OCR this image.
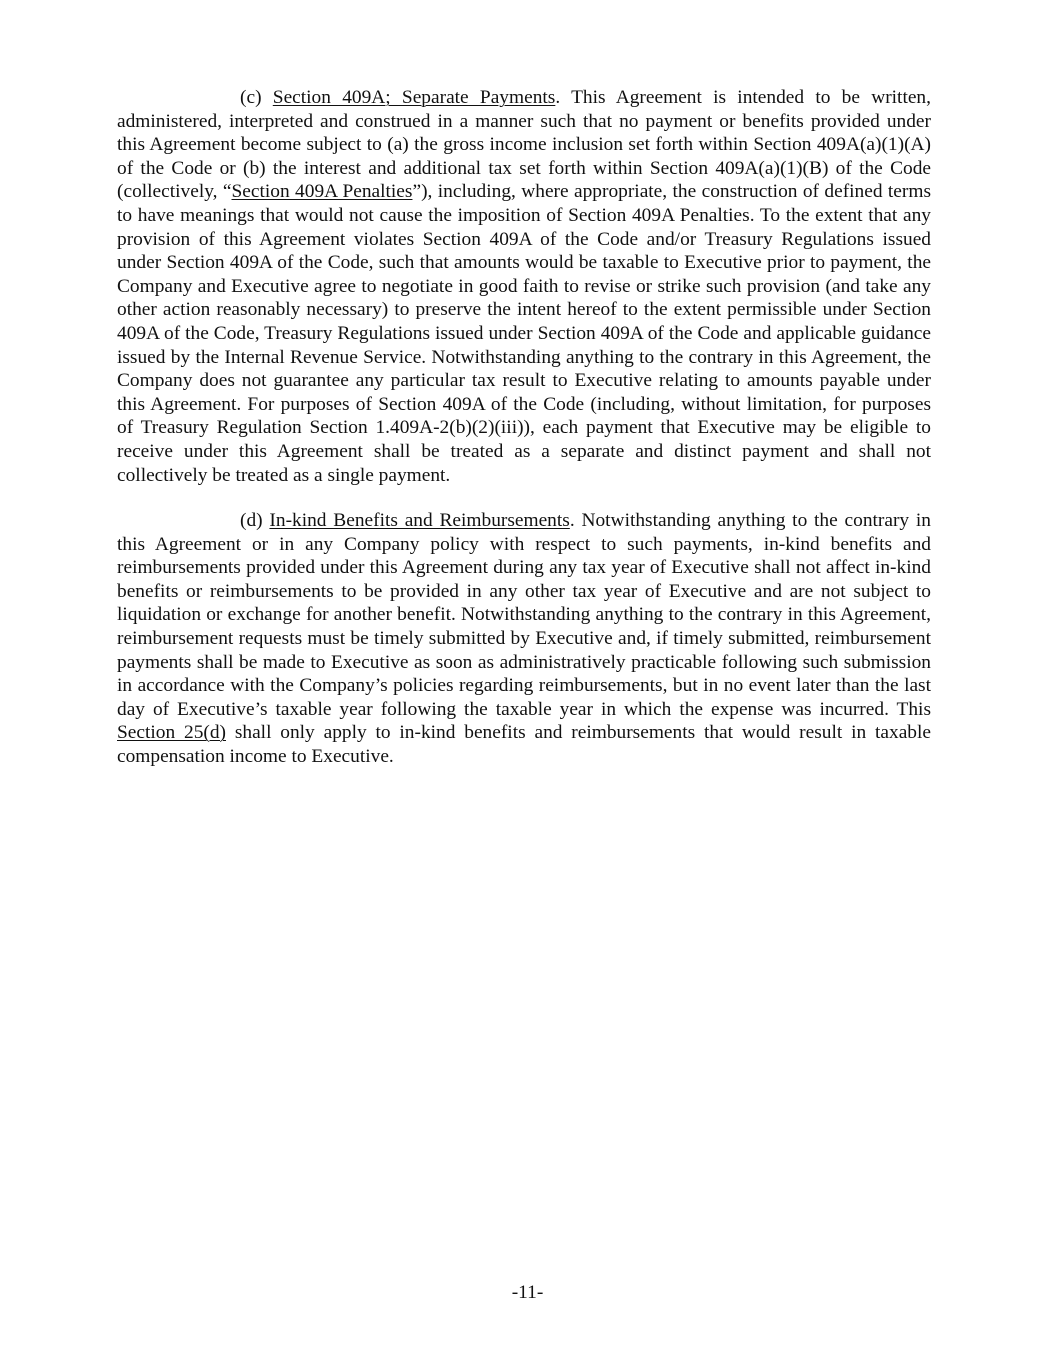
(c) Section 409A; Separate Payments. This Agreement is intended to be written, administered, interpreted and construed in a manner such that no payment or benefits provided under this Agreement become subject to (a) the gross income inclusion set forth within Section 409A(a)(1)(A) of the Code or (b) the interest and additional tax set forth within Section 409A(a)(1)(B) of the Code (collectively, “Section 409A Penalties”), including, where appropriate, the construction of defined terms to have meanings that would not cause the imposition of Section 409A Penalties. To the extent that any provision of this Agreement violates Section 409A of the Code and/or Treasury Regulations issued under Section 409A of the Code, such that amounts would be taxable to Executive prior to payment, the Company and Executive agree to negotiate in good faith to revise or strike such provision (and take any other action reasonably necessary) to preserve the intent hereof to the extent permissible under Section 409A of the Code, Treasury Regulations issued under Section 409A of the Code and applicable guidance issued by the Internal Revenue Service. Notwithstanding anything to the contrary in this Agreement, the Company does not guarantee any particular tax result to Executive relating to amounts payable under this Agreement. For purposes of Section 409A of the Code (including, without limitation, for purposes of Treasury Regulation Section 1.409A-2(b)(2)(iii)), each payment that Executive may be eligible to receive under this Agreement shall be treated as a separate and distinct payment and shall not collectively be treated as a single payment.

(d) In-kind Benefits and Reimbursements. Notwithstanding anything to the contrary in this Agreement or in any Company policy with respect to such payments, in-kind benefits and reimbursements provided under this Agreement during any tax year of Executive shall not affect in-kind benefits or reimbursements to be provided in any other tax year of Executive and are not subject to liquidation or exchange for another benefit. Notwithstanding anything to the contrary in this Agreement, reimbursement requests must be timely submitted by Executive and, if timely submitted, reimbursement payments shall be made to Executive as soon as administratively practicable following such submission in accordance with the Company’s policies regarding reimbursements, but in no event later than the last day of Executive’s taxable year following the taxable year in which the expense was incurred. This Section 25(d) shall only apply to in-kind benefits and reimbursements that would result in taxable compensation income to Executive.

-11-
